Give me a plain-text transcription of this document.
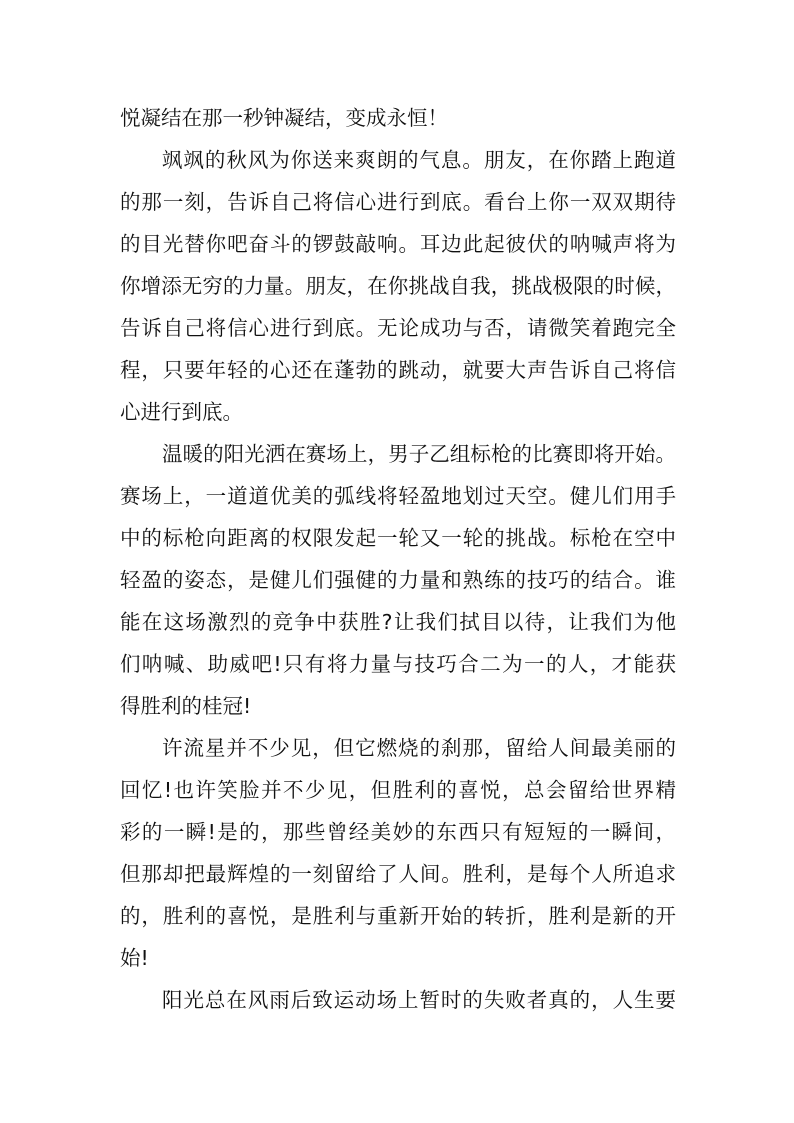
悦凝结在那一秒钟凝结，变成永恒！
飒飒的秋风为你送来爽朗的气息。朋友，在你踏上跑道
的那一刻，告诉自己将信心进行到底。看台上你一双双期待
的目光替你吧奋斗的锣鼓敲响。耳边此起彼伏的呐喊声将为
你增添无穷的力量。朋友，在你挑战自我，挑战极限的时候，
告诉自己将信心进行到底。无论成功与否，请微笑着跑完全
程，只要年轻的心还在蓬勃的跳动，就要大声告诉自己将信
心进行到底。
温暖的阳光洒在赛场上，男子乙组标枪的比赛即将开始。
赛场上，一道道优美的弧线将轻盈地划过天空。健儿们用手
中的标枪向距离的权限发起一轮又一轮的挑战。标枪在空中
轻盈的姿态，是健儿们强健的力量和熟练的技巧的结合。谁
能在这场激烈的竞争中获胜?让我们拭目以待，让我们为他
们呐喊、助威吧!只有将力量与技巧合二为一的人，才能获
得胜利的桂冠!
许流星并不少见，但它燃烧的刹那，留给人间最美丽的
回忆!也许笑脸并不少见，但胜利的喜悦，总会留给世界精
彩的一瞬!是的，那些曾经美妙的东西只有短短的一瞬间，
但那却把最辉煌的一刻留给了人间。胜利，是每个人所追求
的，胜利的喜悦，是胜利与重新开始的转折，胜利是新的开
始!
阳光总在风雨后致运动场上暂时的失败者真的，人生要
